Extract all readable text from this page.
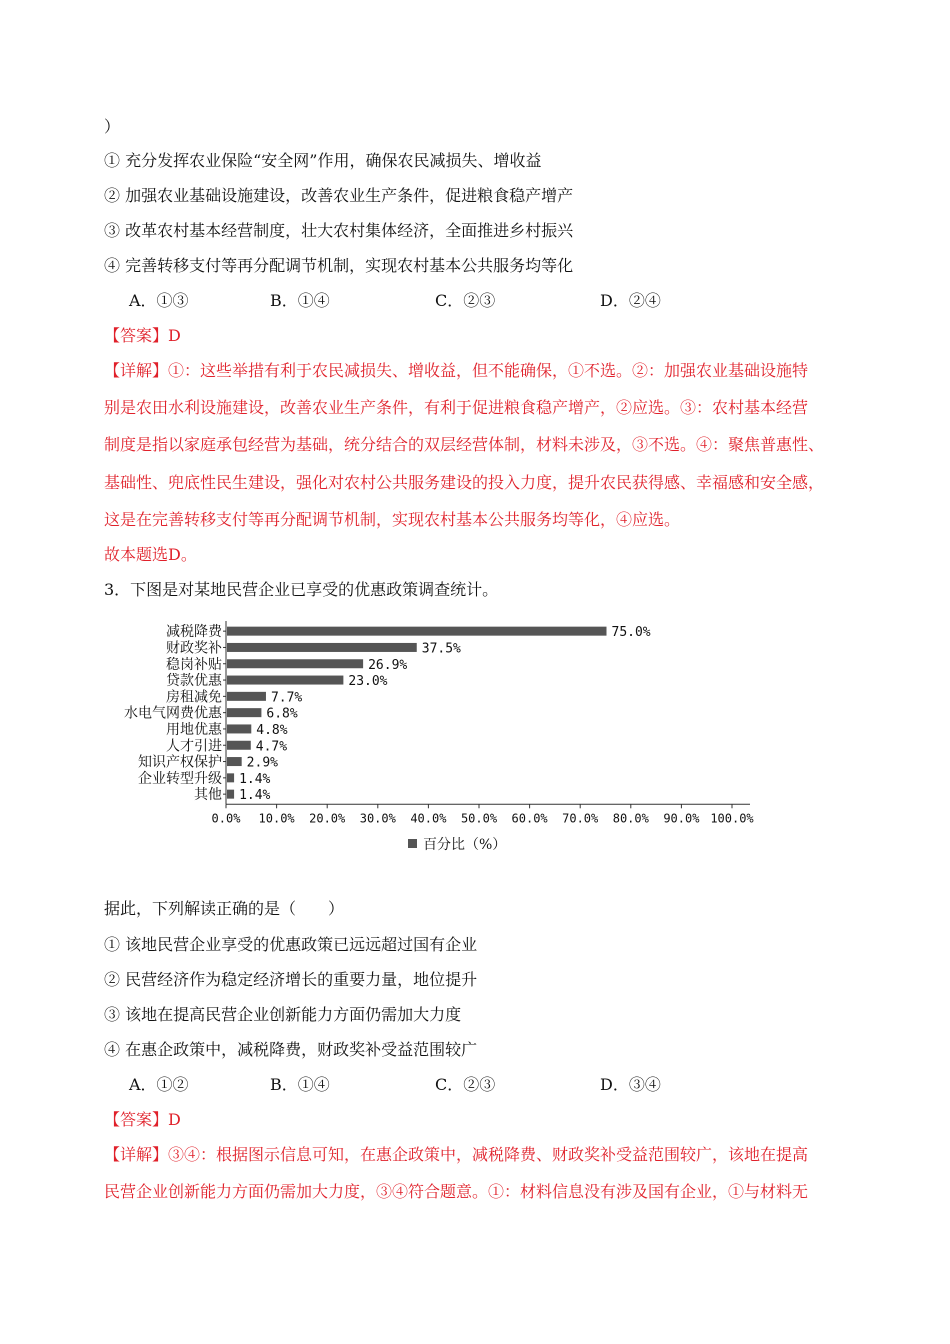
）
① 充分发挥农业保险“安全网”作用，确保农民减损失、增收益
② 加强农业基础设施建设，改善农业生产条件，促进粮食稳产增产
③ 改革农村基本经营制度，壮大农村集体经济，全面推进乡村振兴
④ 完善转移支付等再分配调节机制，实现农村基本公共服务均等化
A．①③	B．①④	C．②③	D．②④
【答案】D
【详解】①：这些举措有利于农民减损失、增收益，但不能确保，①不选。②：加强农业基础设施特
别是农田水利设施建设，改善农业生产条件，有利于促进粮食稳产增产，②应选。③：农村基本经营
制度是指以家庭承包经营为基础，统分结合的双层经营体制，材料未涉及，③不选。④：聚焦普惠性、
基础性、兜底性民生建设，强化对农村公共服务建设的投入力度，提升农民获得感、幸福感和安全感，
这是在完善转移支付等再分配调节机制，实现农村基本公共服务均等化，④应选。
故本题选D。
3．下图是对某地民营企业已享受的优惠政策调查统计。
减税降费	75.0%
财政奖补	37.5%
稳岗补贴	26.9%
贷款优惠	23.0%
房租减免	7.7%
水电气网费优惠	6.8%
用地优惠	4.8%
人才引进	4.7%
知识产权保护 2.9%
企业转型升级 1.4%
其他 1.4%
0.0% 10.0% 20.0% 30.0% 40.0% 50.0% 60.0% 70.0% 80.0% 90.0% 100.0%
百分比（%）
据此，下列解读正确的是（　　）
① 该地民营企业享受的优惠政策已远远超过国有企业
② 民营经济作为稳定经济增长的重要力量，地位提升
③ 该地在提高民营企业创新能力方面仍需加大力度
④ 在惠企政策中，减税降费，财政奖补受益范围较广
A．①②	B．①④	C．②③	D．③④
【答案】D
【详解】③④：根据图示信息可知，在惠企政策中，减税降费、财政奖补受益范围较广，该地在提高
民营企业创新能力方面仍需加大力度，③④符合题意。①：材料信息没有涉及国有企业，①与材料无
